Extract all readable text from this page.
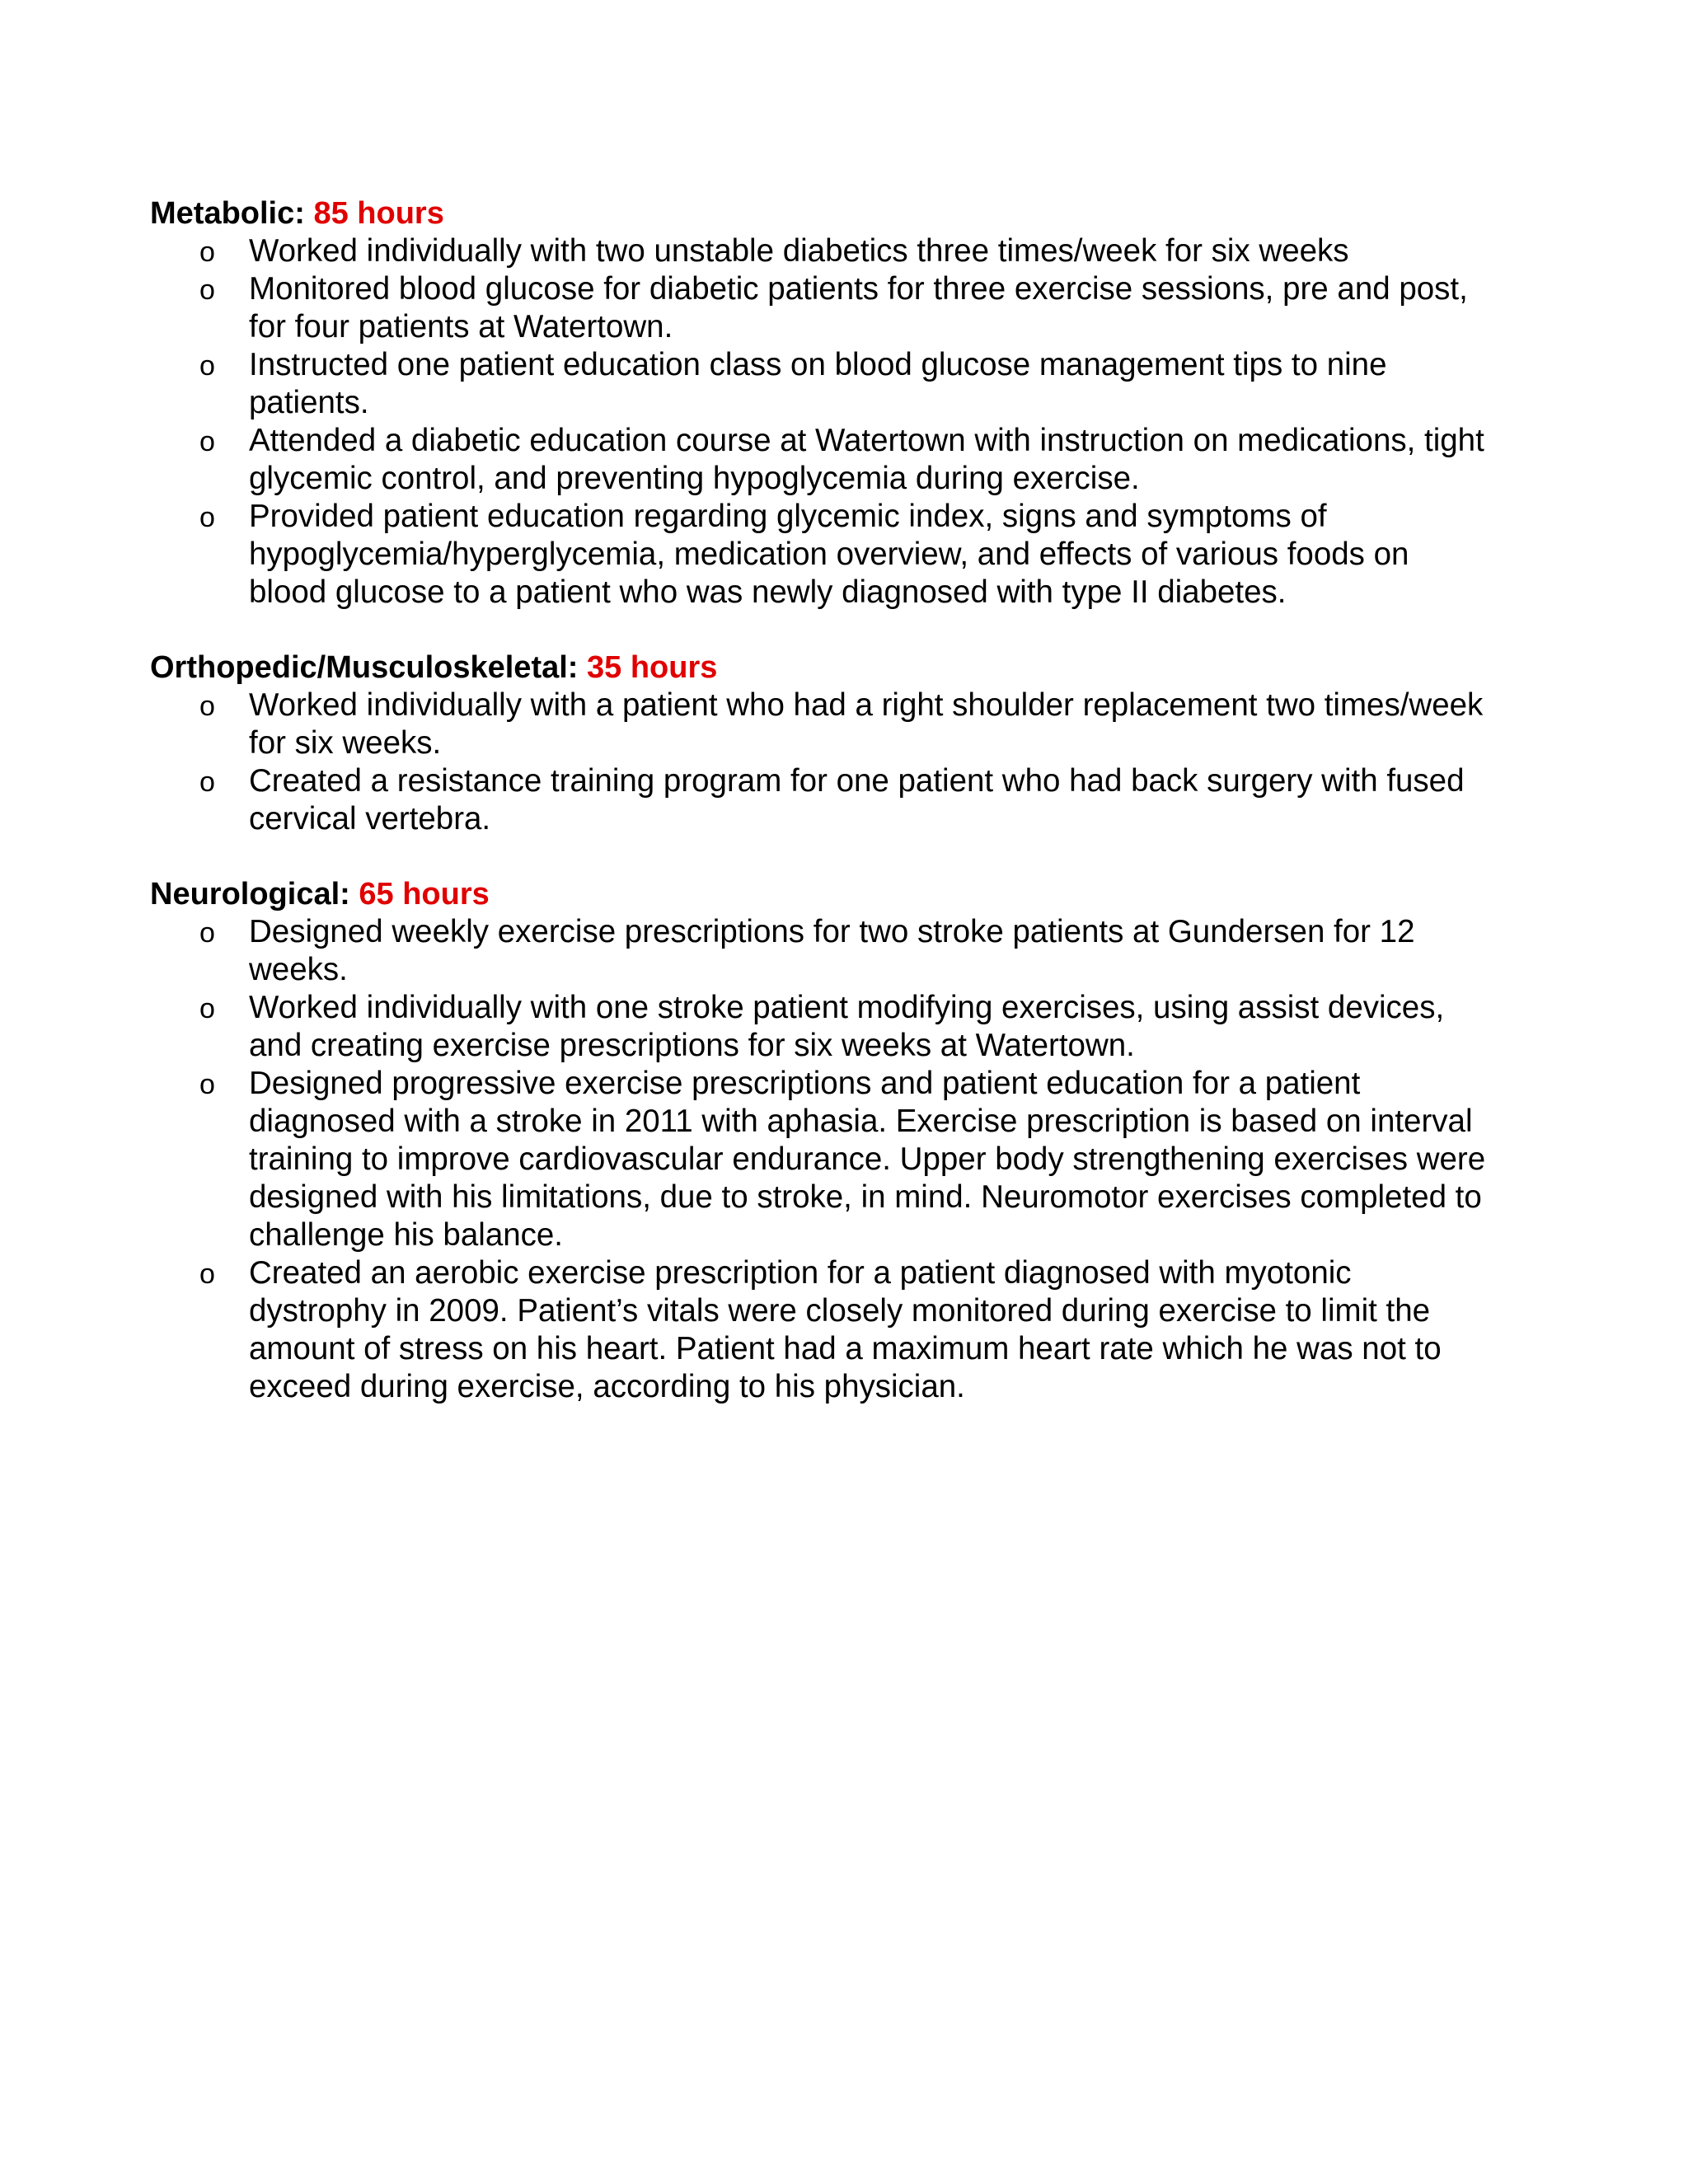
Metabolic: 85 hours
o Worked individually with two unstable diabetics three times/week for six weeks
o Monitored blood glucose for diabetic patients for three exercise sessions, pre and post,
for four patients at Watertown.
o Instructed one patient education class on blood glucose management tips to nine
patients.
o Attended a diabetic education course at Watertown with instruction on medications, tight
glycemic control, and preventing hypoglycemia during exercise.
o Provided patient education regarding glycemic index, signs and symptoms of
hypoglycemia/hyperglycemia, medication overview, and effects of various foods on
blood glucose to a patient who was newly diagnosed with type II diabetes.
Orthopedic/Musculoskeletal: 35 hours
o Worked individually with a patient who had a right shoulder replacement two times/week
for six weeks.
o Created a resistance training program for one patient who had back surgery with fused
cervical vertebra.
Neurological: 65 hours
o Designed weekly exercise prescriptions for two stroke patients at Gundersen for 12
weeks.
o Worked individually with one stroke patient modifying exercises, using assist devices,
and creating exercise prescriptions for six weeks at Watertown.
o Designed progressive exercise prescriptions and patient education for a patient
diagnosed with a stroke in 2011 with aphasia. Exercise prescription is based on interval
training to improve cardiovascular endurance. Upper body strengthening exercises were
designed with his limitations, due to stroke, in mind. Neuromotor exercises completed to
challenge his balance.
o Created an aerobic exercise prescription for a patient diagnosed with myotonic
dystrophy in 2009. Patient’s vitals were closely monitored during exercise to limit the
amount of stress on his heart. Patient had a maximum heart rate which he was not to
exceed during exercise, according to his physician.
